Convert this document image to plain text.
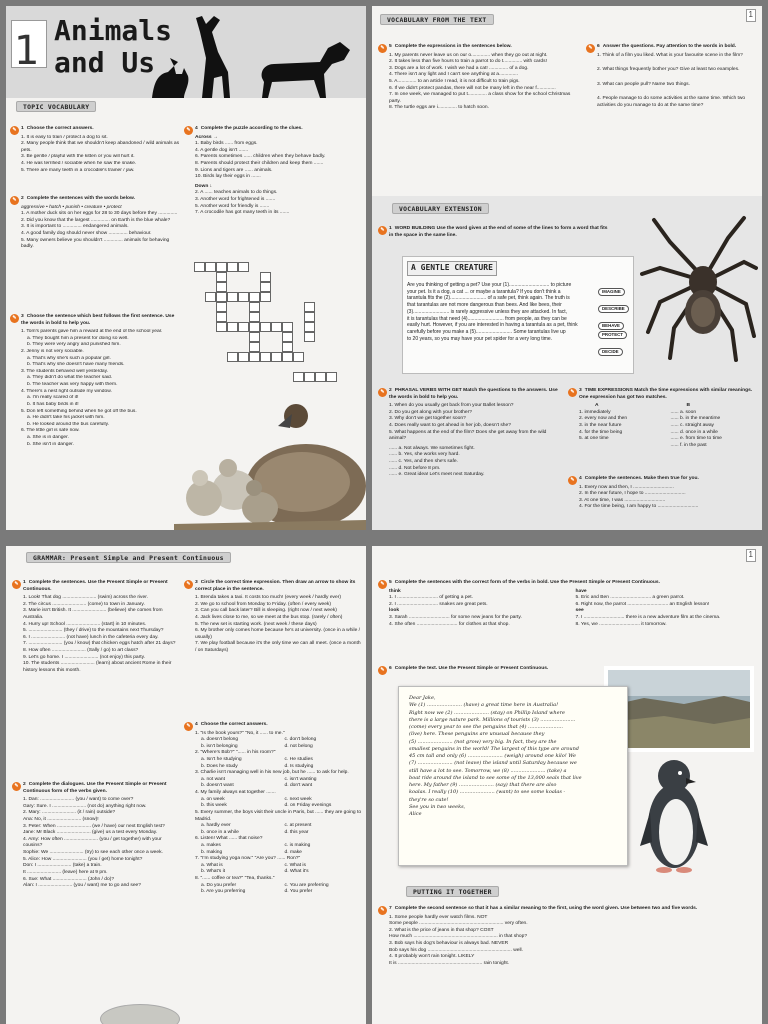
1 Animals
and Us
TOPIC VOCABULARY
✎ 1 Choose the correct answers.
1. It is easy to train / protect a dog to sit.
2. Many people think that we shouldn't keep abandoned / wild animals as pets.
3. Be gentle / playful with the kitten or you will hurt it.
4. He was terrified / sociable when he saw the snake.
5. There are many teeth in a crocodile's trainer / jaw.
✎ 2 Complete the sentences with the words below.
aggressive • hatch • punish • creature • protect
1. A mother duck sits on her eggs for 28 to 30 days before they ..............
2. Did you know that the largest .............. on Earth is the blue whale?
3. It is important to .............. endangered animals.
4. A good family dog should never show .............. behaviour.
5. Many owners believe you shouldn't .............. animals for behaving badly.
✎ 3 Choose the sentence which best follows the first sentence. Use the words in bold to help you.
1. Tom's parents gave him a reward at the end of the school year.
a. They bought him a present for doing so well.
b. They were very angry and punished him.
2. Jenny is not very sociable.
a. That's why she's such a popular girl.
b. That's why she doesn't have many friends.
3. The students behaved well yesterday.
a. They didn't do what the teacher said.
b. The teacher was very happy with them.
4. There's a nest right outside my window.
a. I'm really scared of it!
b. It has baby birds in it!
5. Don left something behind when he got off the bus.
a. He didn't take his jacket with him.
b. He looked around the bus carefully.
6. The little girl is safe now.
a. She is in danger.
b. She isn't in danger.
✎ 4 Complete the puzzle according to the clues.
Across →
1. Baby birds ...... from eggs.
4. A gentle dog isn't .......
6. Parents sometimes ...... children when they behave badly.
8. Parents should protect their children and keep them .......
9. Lions and tigers are ...... animals.
10. Birds lay their eggs in .......
Down ↓
2. A ...... teaches animals to do things.
3. Another word for frightened is .......
5. Another word for friendly is .......
7. A crocodile has got many teeth in its .......
VOCABULARY FROM THE TEXT
1
✎ 5 Complete the expressions in the sentences below.
1. My parents never leave us on our o.............. when they go out at night.
2. It takes less than five hours to train a parrot to do t.............. with cards!
3. Dogs are a lot of work. I wish we had a cat! .............. of a dog.
4. There isn't any light and I can't see anything at a..............
5. A.............. to an article I read, it is not difficult to train pigs.
6. If we didn't protect pandas, there will not be many left in the near f..............
7. In one week, we managed to put t.............. a class show for the school Christmas party.
8. The turtle eggs are i.............. to hatch soon.
✎ 6 Answer the questions. Pay attention to the words in bold.
1. Think of a film you liked. What is your favourite scene in the film?
2. What things frequently bother you? Give at least two examples.
3. What can people pull? Name two things.
4. People manage to do some activities at the same time. Which two activities do you manage to do at the same time?
VOCABULARY EXTENSION
✎ 1 WORD BUILDING Use the word given at the end of some of the lines to form a word that fits in the space in the same line.
A GENTLE CREATURE
Are you thinking of getting a pet? Use your (1)............................. to picture
your pet. Is it a dog, a cat ... or maybe a tarantula? If you don't think a
tarantula fits the (2).......................... of a safe pet, think again. The truth is
that tarantulas are not more dangerous than bees. And like bees, their
(3).......................... is rarely aggressive unless they are attacked. In fact,
it is tarantulas that need (4).......................... from people, as they can be
easily hurt. However, if you are interested in having a tarantula as a pet, think
carefully before you make a (5).......................... Some tarantulas live up
to 20 years, so you may have your pet spider for a very long time.
IMAGINE
DESCRIBE
BEHAVE
PROTECT
DECIDE
✎ 2 PHRASAL VERBS WITH GET Match the questions to the answers. Use the words in bold to help you.
1. When do you usually get back from your Ballet lesson?
2. Do you get along with your brother?
3. Why don't we get together soon?
4. Does really want to get ahead in her job, doesn't she?
5. What happens at the end of the film? Does she get away from the wild animal?
...... a. Not always. We sometimes fight.
...... b. Yes, she works very hard.
...... c. Yes, and then she's safe.
...... d. Not before 8 pm.
...... e. Great idea! Let's meet next Saturday.
✎ 3 TIME EXPRESSIONS Match the time expressions with similar meanings. One expression has got two matches.
A
1. immediately
2. every now and then
3. in the near future
4. for the time being
5. at one time
B
...... a. soon
...... b. in the meantime
...... c. straight away
...... d. once in a while
...... e. from time to time
...... f. in the past
✎ 4 Complete the sentences. Make them true for you.
1. Every now and then, I ..............................
2. In the near future, I hope to ..............................
3. At one time, I was ..............................
4. For the time being, I am happy to ..............................
GRAMMAR: Present Simple and Present Continuous
✎ 1 Complete the sentences. Use the Present Simple or Present Continuous.
1. Look! That dog ......................... (swim) across the river.
2. The circus ......................... (come) to town in January.
3. Marie isn't British. It ......................... (believe) she comes from Australia.
4. Hurry up! School ......................... (start) in 10 minutes.
5. ......................... (they / drive) to the mountains next Thursday?
6. I ......................... (not have) lunch in the cafeteria every day.
7. ......................... (you / know) that chicken eggs hatch after 21 days?
8. How often ......................... (Sally / go) to art class?
9. Let's go home. I ......................... (not enjoy) this party.
10. The students ......................... (learn) about ancient Rome in their history lessons this month.
✎ 2 Complete the dialogues. Use the Present Simple or Present Continuous form of the verbs given.
1. Dan: ......................... (you / want) to come over?
Gary: Sure. I ......................... (not do) anything right now.
2. Mary: ......................... (it / rain) outside?
Ana: No, it ......................... (snow)!
3. Peter: When ......................... (we / have) our next English test?
Jane: Mr Black ......................... (give) us a test every Monday.
4. Amy: How often ......................... (you / get together) with your cousins?
Sophie: We ......................... (try) to see each other once a week.
5. Alice: How ......................... (you / get) home tonight?
Don: I ......................... (take) a train.
It ......................... (leave) here at 9 pm.
6. Sue: What ......................... (John / do)?
Alan: I ......................... (you / want) me to go and see?
✎ 3 Circle the correct time expression. Then draw an arrow to show its correct place in the sentence.
1. Brenda takes a taxi. It costs too much! (every week / hardly ever)
2. We go to school from Monday to Friday. (often / every week)
3. Can you call back later? Bill is sleeping. (right now / next week)
4. Jack lives close to me, so we meet at the bus stop. (rarely / often)
5. The new set is starting work. (next week / these days)
6. My brother only comes home because he's at university. (once in a while / usually)
7. We play football because it's the only time we can all meet. (once a month / on Saturdays)
✎ 4 Choose the correct answers.
1. "Is the book yours?" "No, it ...... to me."
a. doesn't belong	c. don't belong
b. isn't belonging	d. not belong
2. "Where's Bob?" "...... in his room?"
a. Isn't he studying	c. He studies
b. Does he study	d. Is studying
3. Charlie isn't managing well in his new job, but he ...... to ask for help.
a. not want	c. isn't wanting
b. doesn't want	d. don't want
4. My family always eat together .......
a. on week	c. next week
b. this week	d. on Friday evenings
5. Every summer, the boys visit their uncle in Paris, but ...... they are going to Madrid.
a. hardly ever	c. at present
b. once in a while	d. this year
6. Listen! What ...... that noise?
a. makes	c. is making
b. making	d. make
7. "I'm studying yoga now." "Are you? ...... Ron?"
a. What is	c. What is
b. What's it	d. What it's
8. "...... coffee or tea?" "Tea, thanks."
a. Do you prefer	c. You are preferring
b. Are you preferring	d. You prefer
1
✎ 5 Complete the sentences with the correct form of the verbs in bold. Use the Present Simple or Present Continuous.
think
1. I .............................. of getting a pet.
2. I .............................. snakes are great pets.
look
3. Sarah .............................. for some new jeans for the party.
4. She often .............................. for clothes at that shop.
have
5. Eric and Ben .............................. a green parrot.
6. Right now, the parrot .............................. an English lesson!
see
7. I .............................. there is a new adventure film at the cinema.
8. Yes, we .............................. it tomorrow.
✎ 6 Complete the text. Use the Present Simple or Present Continuous.
Dear Jake,
We (1) ...................... (have) a great time here in Australia!
Right now we (2) ...................... (stay) on Phillip Island where
there is a large nature park. Millions of tourists (3) ......................
(come) every year to see the penguins that (4) ......................
(live) here. These penguins are unusual because they
(5) ...................... (not grow) very big. In fact, they are the
smallest penguins in the world! The largest of this type are around
45 cm tall and only (6) ...................... (weigh) around one kilo! We
(7) ...................... (not leave) the island until Saturday because we
still have a lot to see. Tomorrow, we (8) ...................... (take) a
boat ride around the island to see some of the 13,000 seals that live
here. My father (9) ...................... (say) that there are also
koalas. I really (10) ...................... (want) to see some koalas -
they're so cute!
See you in two weeks,
Alice
PUTTING IT TOGETHER
✎ 7 Complete the second sentence so that it has a similar meaning to the first, using the word given. Use between two and five words.
1. Some people hardly ever watch films. NOT
Some people .............................................................. very often.
2. What is the price of jeans in that shop? COST
How much .............................................................. in that shop?
3. Bob says his dog's behaviour is always bad. NEVER
Bob says his dog .............................................................. well.
4. It probably won't rain tonight. LIKELY
It is .............................................................. rain tonight.
